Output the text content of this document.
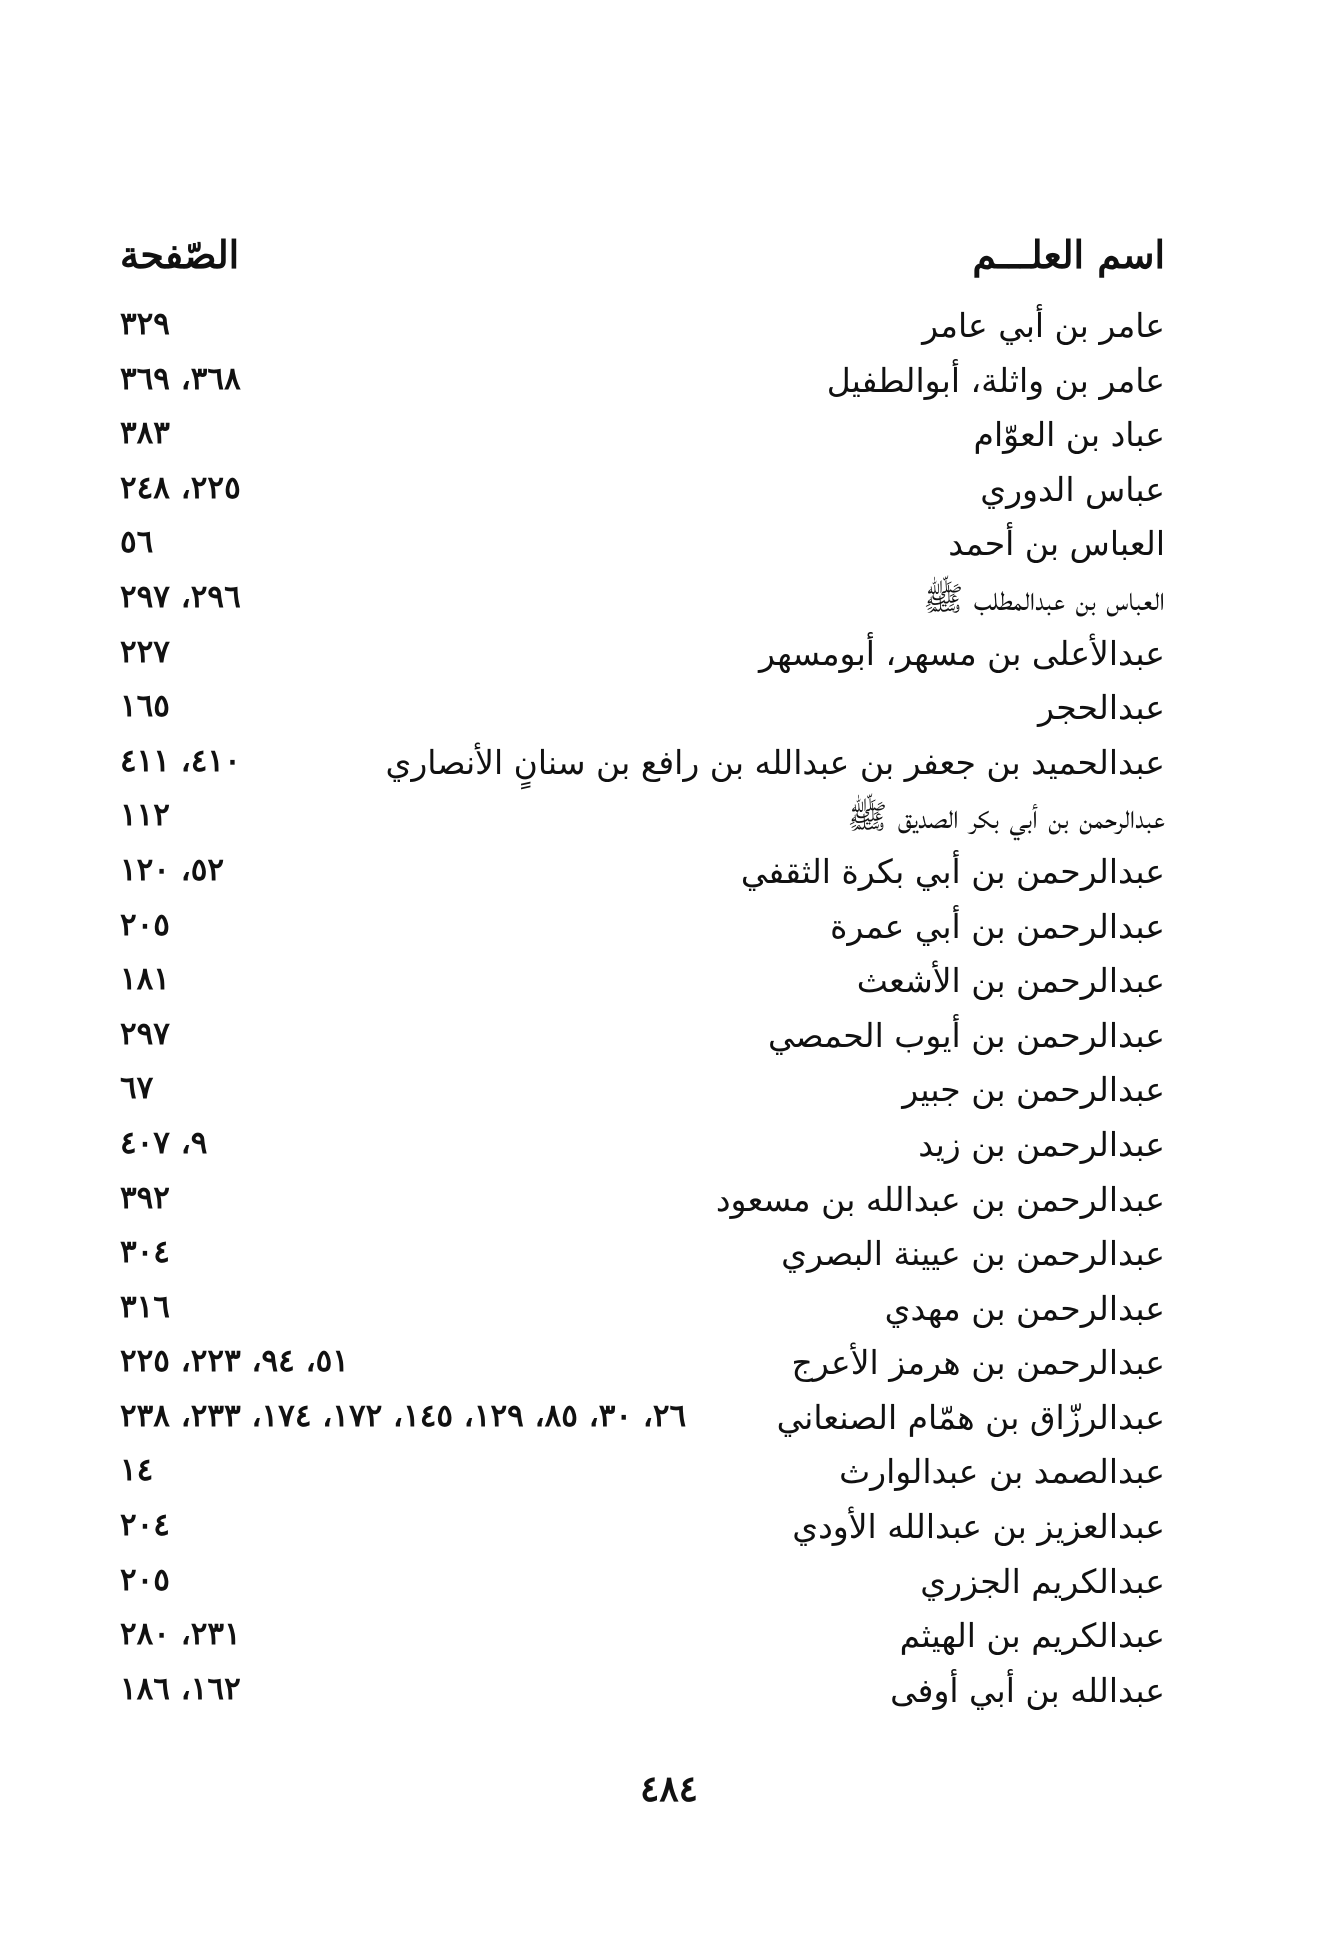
اسم العلـــم
الصّفحة
عامر بن أبي عامر
٣٢٩
عامر بن واثلة، أبوالطفيل
٣٦٨، ٣٦٩
عباد بن العوّام
٣٨٣
عباس الدوري
٢٢٥، ٢٤٨
العباس بن أحمد
٥٦
العباس بن عبدالمطلب ﷺ
٢٩٦، ٢٩٧
عبدالأعلى بن مسهر، أبومسهر
٢٢٧
عبدالحجر
١٦٥
عبدالحميد بن جعفر بن عبدالله بن رافع بن سنانٍ الأنصاري
٤١٠، ٤١١
عبدالرحمن بن أبي بكر الصديق ﷺ
١١٢
عبدالرحمن بن أبي بكرة الثقفي
٥٢، ١٢٠
عبدالرحمن بن أبي عمرة
٢٠٥
عبدالرحمن بن الأشعث
١٨١
عبدالرحمن بن أيوب الحمصي
٢٩٧
عبدالرحمن بن جبير
٦٧
عبدالرحمن بن زيد
٩، ٤٠٧
عبدالرحمن بن عبدالله بن مسعود
٣٩٢
عبدالرحمن بن عيينة البصري
٣٠٤
عبدالرحمن بن مهدي
٣١٦
عبدالرحمن بن هرمز الأعرج
٥١، ٩٤، ٢٢٣، ٢٢٥
عبدالرزّاق بن همّام الصنعاني
٢٦، ٣٠، ٨٥، ١٢٩، ١٤٥، ١٧٢، ١٧٤، ٢٣٣، ٢٣٨
عبدالصمد بن عبدالوارث
١٤
عبدالعزيز بن عبدالله الأودي
٢٠٤
عبدالكريم الجزري
٢٠٥
عبدالكريم بن الهيثم
٢٣١، ٢٨٠
عبدالله بن أبي أوفى
١٦٢، ١٨٦
٤٨٤
